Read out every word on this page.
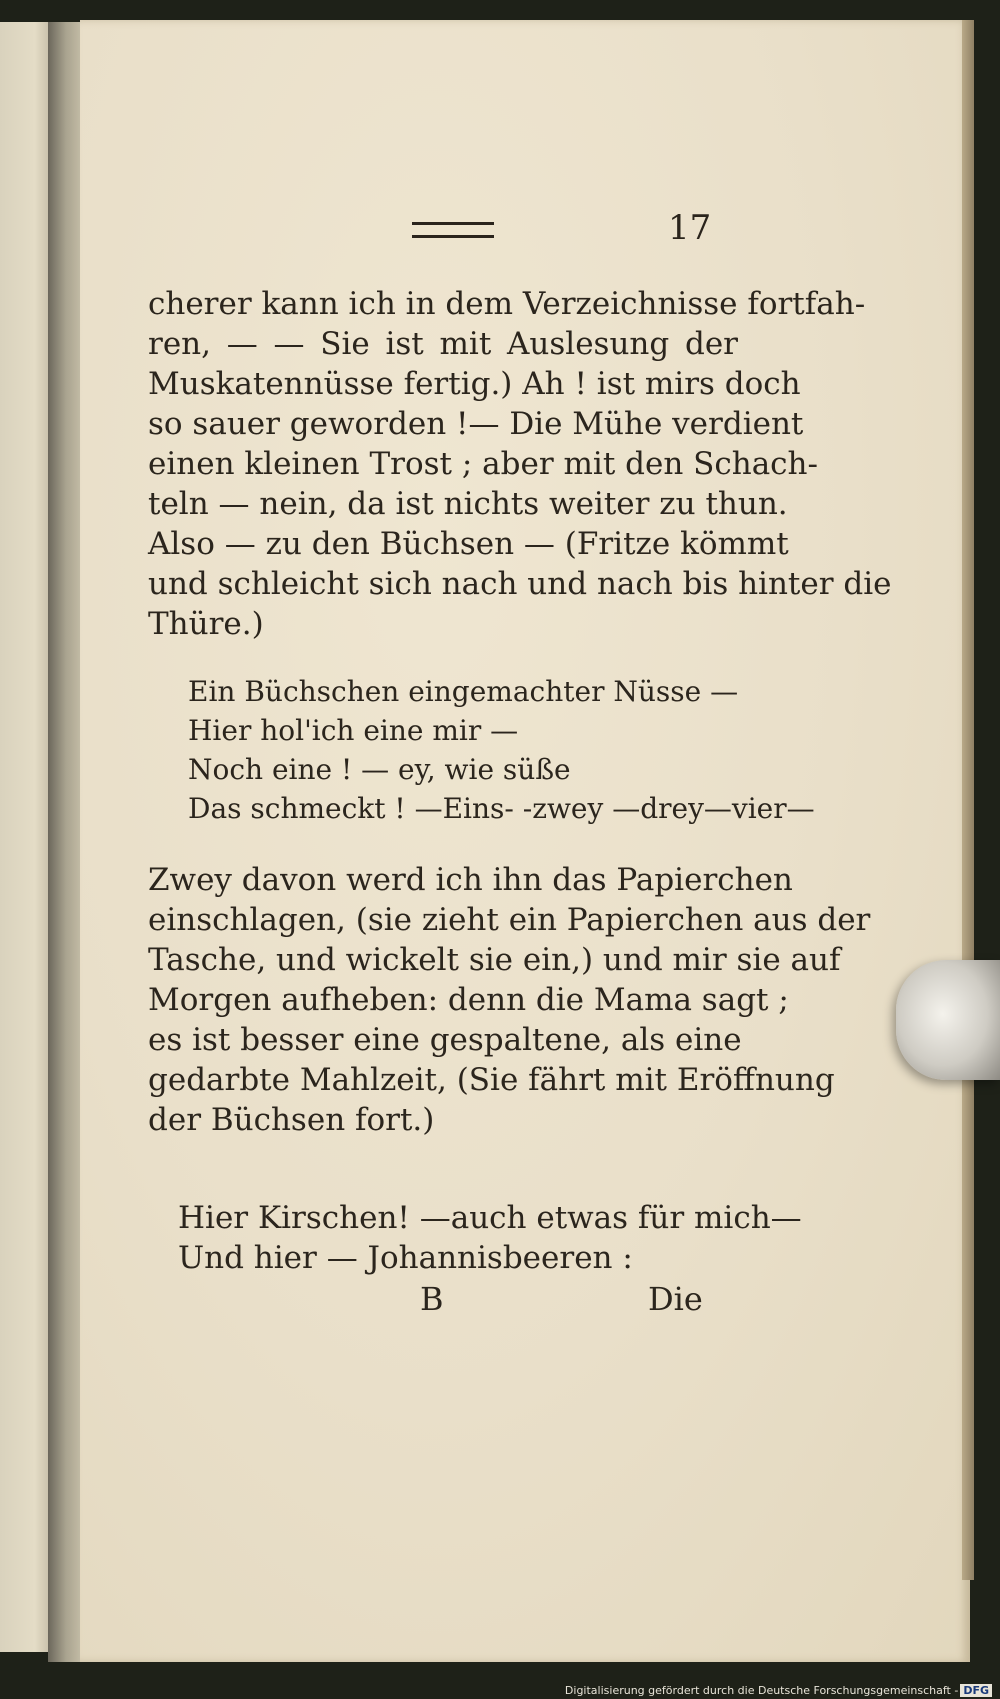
17
cherer kann ich in dem Verzeichnisse fortfah-
ren, — — Sie ist mit Auslesung der
Muskatennüsse fertig.) Ah ! ist mirs doch
so sauer geworden !— Die Mühe verdient
einen kleinen Trost ; aber mit den Schach-
teln — nein, da ist nichts weiter zu thun.
Also — zu den Büchsen — (Fritze kömmt
und schleicht sich nach und nach bis hinter die
Thüre.)
Ein Büchschen eingemachter Nüsse —
Hier hol'ich eine mir —
Noch eine ! — ey, wie süße
Das schmeckt ! —Eins- -zwey —drey—vier—
Zwey davon werd ich ihn das Papierchen
einschlagen, (sie zieht ein Papierchen aus der
Tasche, und wickelt sie ein,) und mir sie auf
Morgen aufheben: denn die Mama sagt ;
es ist besser eine gespaltene, als eine
gedarbte Mahlzeit, (Sie fährt mit Eröffnung
der Büchsen fort.)
Hier Kirschen! —auch etwas für mich—
Und hier — Johannisbeeren :
B	Die
Digitalisierung gefördert durch die Deutsche Forschungsgemeinschaft - DFG
